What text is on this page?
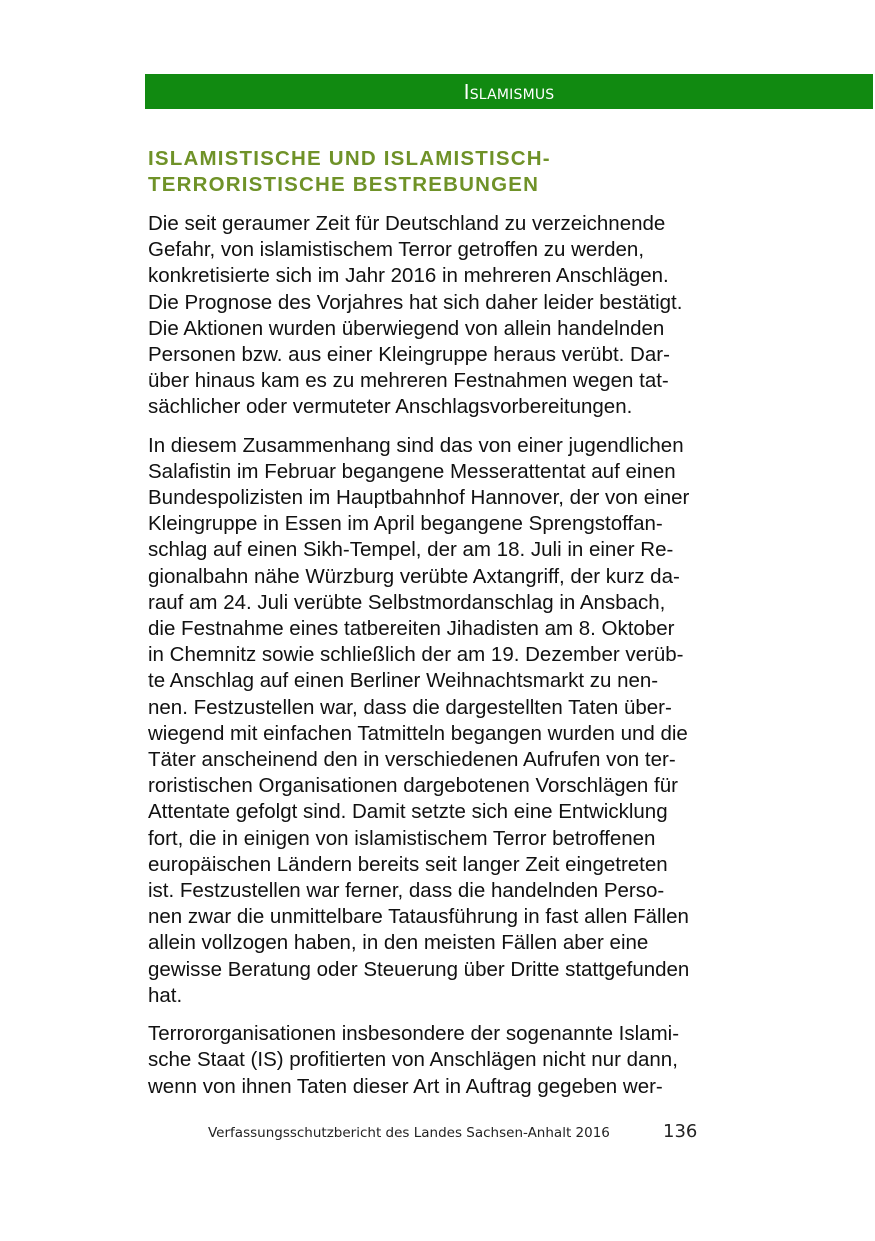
Islamismus
ISLAMISTISCHE UND ISLAMISTISCH-
TERRORISTISCHE BESTREBUNGEN

Die seit geraumer Zeit für Deutschland zu verzeichnende
Gefahr, von islamistischem Terror getroffen zu werden,
konkretisierte sich im Jahr 2016 in mehreren Anschlägen.
Die Prognose des Vorjahres hat sich daher leider bestätigt.
Die Aktionen wurden überwiegend von allein handelnden
Personen bzw. aus einer Kleingruppe heraus verübt. Dar-
über hinaus kam es zu mehreren Festnahmen wegen tat-
sächlicher oder vermuteter Anschlagsvorbereitungen.

In diesem Zusammenhang sind das von einer jugendlichen
Salafistin im Februar begangene Messerattentat auf einen
Bundespolizisten im Hauptbahnhof Hannover, der von einer
Kleingruppe in Essen im April begangene Sprengstoffan-
schlag auf einen Sikh-Tempel, der am 18. Juli in einer Re-
gionalbahn nähe Würzburg verübte Axtangriff, der kurz da-
rauf am 24. Juli verübte Selbstmordanschlag in Ansbach,
die Festnahme eines tatbereiten Jihadisten am 8. Oktober
in Chemnitz sowie schließlich der am 19. Dezember verüb-
te Anschlag auf einen Berliner Weihnachtsmarkt zu nen-
nen. Festzustellen war, dass die dargestellten Taten über-
wiegend mit einfachen Tatmitteln begangen wurden und die
Täter anscheinend den in verschiedenen Aufrufen von ter-
roristischen Organisationen dargebotenen Vorschlägen für
Attentate gefolgt sind. Damit setzte sich eine Entwicklung
fort, die in einigen von islamistischem Terror betroffenen
europäischen Ländern bereits seit langer Zeit eingetreten
ist. Festzustellen war ferner, dass die handelnden Perso-
nen zwar die unmittelbare Tatausführung in fast allen Fällen
allein vollzogen haben, in den meisten Fällen aber eine
gewisse Beratung oder Steuerung über Dritte stattgefunden
hat.

Terrororganisationen insbesondere der sogenannte Islami-
sche Staat (IS) profitierten von Anschlägen nicht nur dann,
wenn von ihnen Taten dieser Art in Auftrag gegeben wer-

Verfassungsschutzbericht des Landes Sachsen-Anhalt 2016	136
